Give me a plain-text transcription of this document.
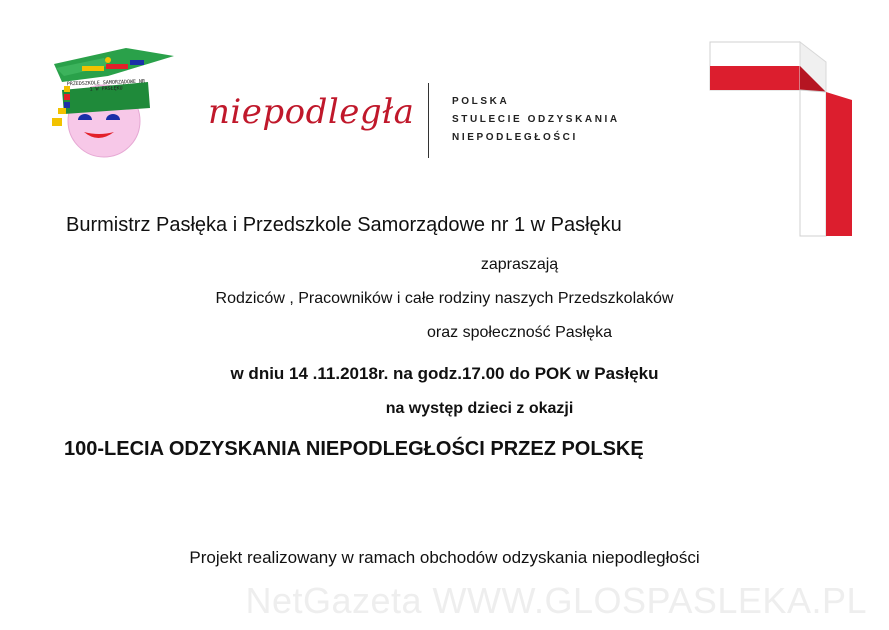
PRZEDSZKOLE SAMORZĄDOWE NR 1 W PASŁĘKU
niepodległa	POLSKA
STULECIE ODZYSKANIA
NIEPODLEGŁOŚCI
Burmistrz Pasłęka i Przedszkole Samorządowe nr 1 w Pasłęku
zapraszają
Rodziców , Pracowników i całe rodziny naszych Przedszkolaków
oraz społeczność Pasłęka
w dniu 14 .11.2018r. na godz.17.00 do POK w Pasłęku
na występ dzieci z okazji
100-LECIA ODZYSKANIA NIEPODLEGŁOŚCI PRZEZ POLSKĘ
Projekt realizowany w ramach obchodów odzyskania niepodległości
NetGazeta WWW.GLOSPASLEKA.PL
